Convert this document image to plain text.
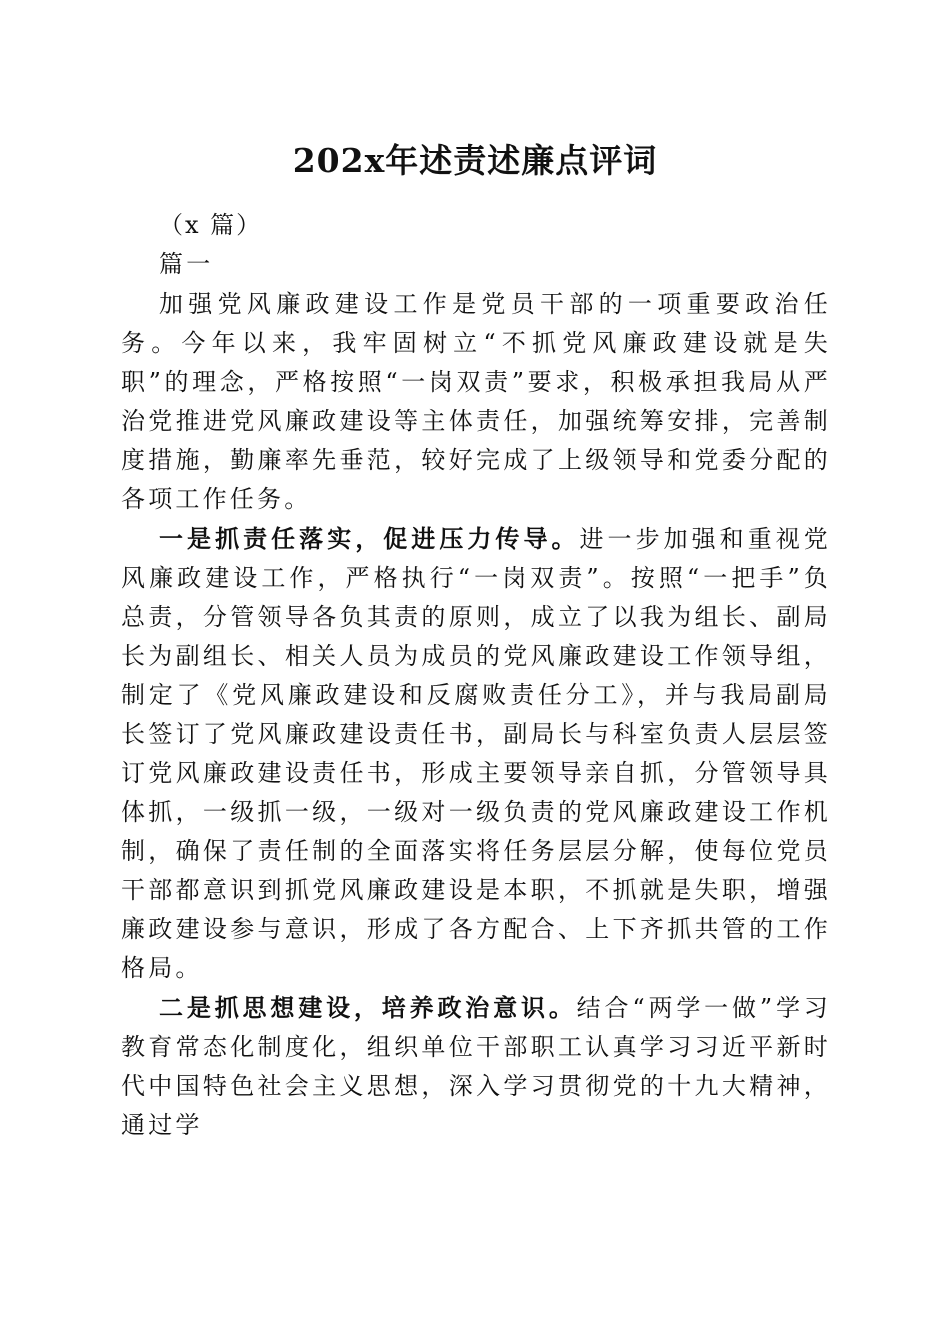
202x年述责述廉点评词

（x 篇）

篇一

加强党风廉政建设工作是党员干部的一项重要政治任务。今年以来，我牢固树立“不抓党风廉政建设就是失职”的理念，严格按照“一岗双责”要求，积极承担我局从严治党推进党风廉政建设等主体责任，加强统筹安排，完善制度措施，勤廉率先垂范，较好完成了上级领导和党委分配的各项工作任务。

一是抓责任落实，促进压力传导。进一步加强和重视党风廉政建设工作，严格执行“一岗双责”。按照“一把手”负总责，分管领导各负其责的原则，成立了以我为组长、副局长为副组长、相关人员为成员的党风廉政建设工作领导组，制定了《党风廉政建设和反腐败责任分工》，并与我局副局长签订了党风廉政建设责任书，副局长与科室负责人层层签订党风廉政建设责任书，形成主要领导亲自抓，分管领导具体抓，一级抓一级，一级对一级负责的党风廉政建设工作机制，确保了责任制的全面落实将任务层层分解，使每位党员干部都意识到抓党风廉政建设是本职，不抓就是失职，增强廉政建设参与意识，形成了各方配合、上下齐抓共管的工作格局。

二是抓思想建设，培养政治意识。结合“两学一做”学习教育常态化制度化，组织单位干部职工认真学习习近平新时代中国特色社会主义思想，深入学习贯彻党的十九大精神，通过学
